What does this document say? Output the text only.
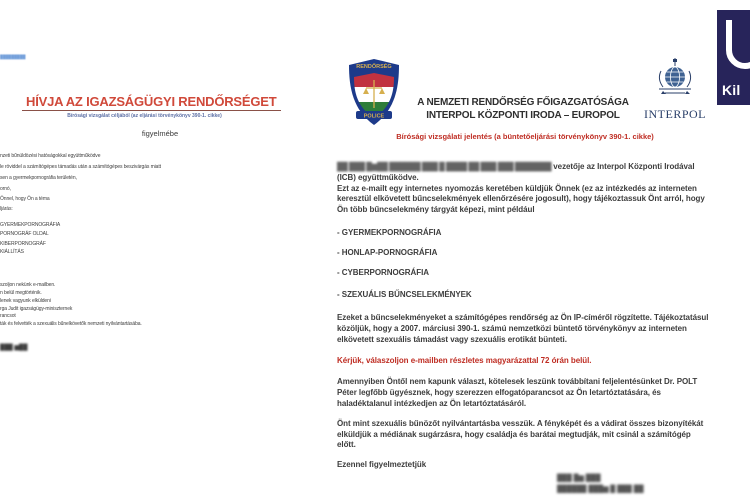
█████████
HÍVJA AZ IGAZSÁGÜGYI RENDŐRSÉGET
Bírósági vizsgálat céljából (az eljárási törvénykönyv 390-1. cikke)
figyelmébe
nzeti bűnüldözési hatóságokkal együttműködve
le röviddel a számítógépes támadás után a számítógépes beszivárgás miatt
sen a gyermekpornográfia területén,
ornó,
Önnel, hogy Ön a téma
ljárás:
GYERMEKPORNOGRÁFIA
PORNOGRÁF OLDAL
KIBERPORNOGRÁF
KIÁLLÍTÁS
szoljon nekünk e-mailben.
n belül megtörténik.
lenek vagyunk elküldeni
rga Judit igazságügy-miniszternek
rancsot
ták és felvették a szexuális bűnelkövetők nemzeti nyilvántartásába.
███ ▆██
RENDŐRSÉG
POLICE	INTERPOL
A NEMZETI RENDŐRSÉG FŐIGAZGATÓSÁGA
INTERPOL KÖZPONTI IRODA – EUROPOL
Bírósági vizsgálati jelentés (a büntetőeljárási törvénykönyv 390-1. cikke)

██ ███ █▆██ ██████ ███ █ ████ ██ ███ ███ ███████ vezetője az Interpol Központi Irodával (ICB) együttműködve.
Ezt az e-mailt egy internetes nyomozás keretében küldjük Önnek (ez az intézkedés az interneten keresztül elkövetett bűncselekmények ellenőrzésére jogosult), hogy tájékoztassuk Önt arról, hogy Ön több bűncselekmény tárgyát képezi, mint például

- GYERMEKPORNOGRÁFIA

- HONLAP-PORNOGRÁFIA

- CYBERPORNOGRÁFIA

- SZEXUÁLIS BŰNCSELEKMÉNYEK

Ezeket a bűncselekményeket a számítógépes rendőrség az Ön IP-címéről rögzítette. Tájékoztatásul közöljük, hogy a 2007. márciusi 390-1. számú nemzetközi büntető törvénykönyv az interneten elkövetett szexuális támadást vagy szexuális erotikát bünteti.

Kérjük, válaszoljon e-mailben részletes magyarázattal 72 órán belül.

Amennyiben Öntől nem kapunk választ, kötelesek leszünk továbbítani feljelentésünket Dr. POLT Péter legfőbb ügyésznek, hogy szerezzen elfogatóparancsot az Ön letartóztatására, és haladéktalanul intézkedjen az Ön letartóztatásáról.

Önt mint szexuális bűnözőt nyilvántartásba vesszük. A fényképét és a vádirat összes bizonyítékát elküldjük a médiának sugárzásra, hogy családja és barátai megtudják, mit csinál a számítógép előtt.

Ezennel figyelmeztetjük

███ █▆ ███
██████ ███▆ █ ███ ██
Kil
